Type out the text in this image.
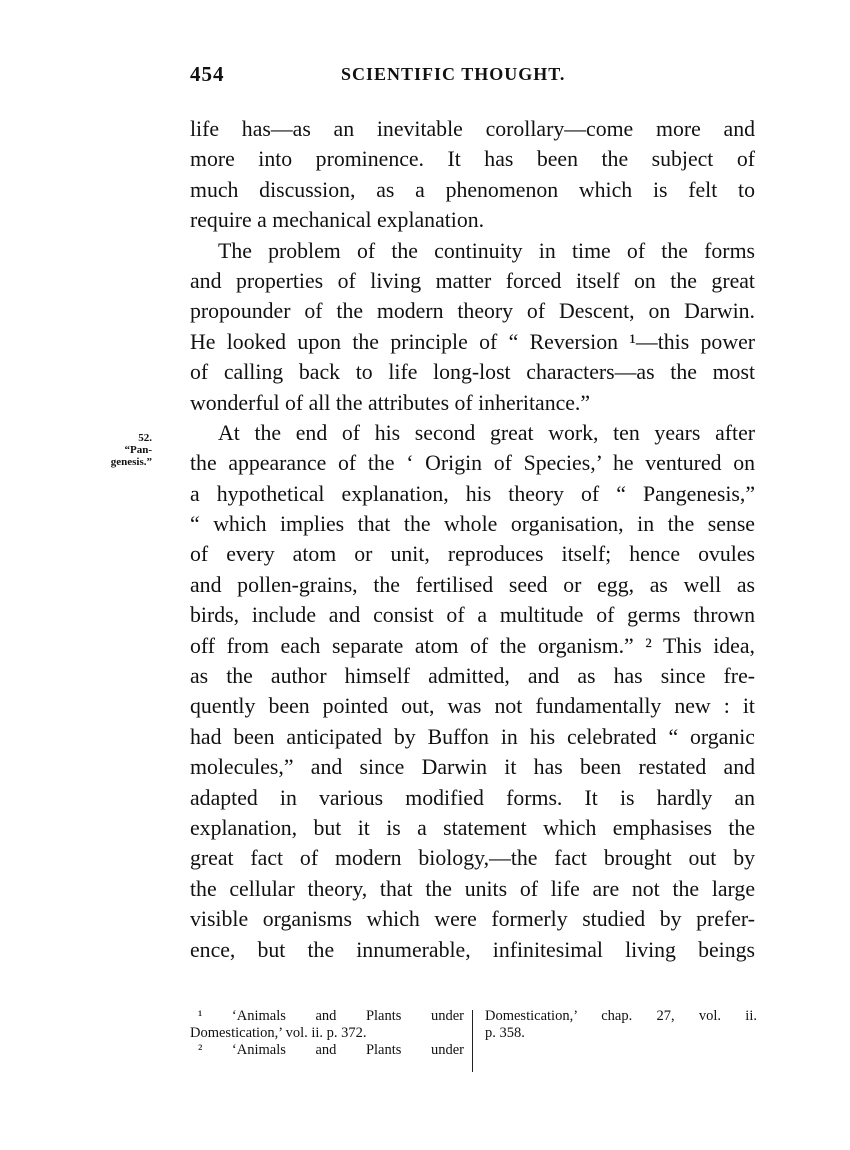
454	SCIENTIFIC THOUGHT.
52.
“Pan-
genesis.”
life has—as an inevitable corollary—come more and
more into prominence. It has been the subject of
much discussion, as a phenomenon which is felt to
require a mechanical explanation.
The problem of the continuity in time of the forms
and properties of living matter forced itself on the great
propounder of the modern theory of Descent, on Darwin.
He looked upon the principle of “ Reversion ¹—this power
of calling back to life long-lost characters—as the most
wonderful of all the attributes of inheritance.”
At the end of his second great work, ten years after
the appearance of the ‘ Origin of Species,’ he ventured on
a hypothetical explanation, his theory of “ Pangenesis,”
“ which implies that the whole organisation, in the sense
of every atom or unit, reproduces itself; hence ovules
and pollen-grains, the fertilised seed or egg, as well as
birds, include and consist of a multitude of germs thrown
off from each separate atom of the organism.” ² This idea,
as the author himself admitted, and as has since fre-
quently been pointed out, was not fundamentally new : it
had been anticipated by Buffon in his celebrated “ organic
molecules,” and since Darwin it has been restated and
adapted in various modified forms. It is hardly an
explanation, but it is a statement which emphasises the
great fact of modern biology,—the fact brought out by
the cellular theory, that the units of life are not the large
visible organisms which were formerly studied by prefer-
ence, but the innumerable, infinitesimal living beings
¹ ‘Animals and Plants under
Domestication,’ vol. ii. p. 372.
² ‘Animals and Plants under
Domestication,’ chap. 27, vol. ii.
p. 358.
